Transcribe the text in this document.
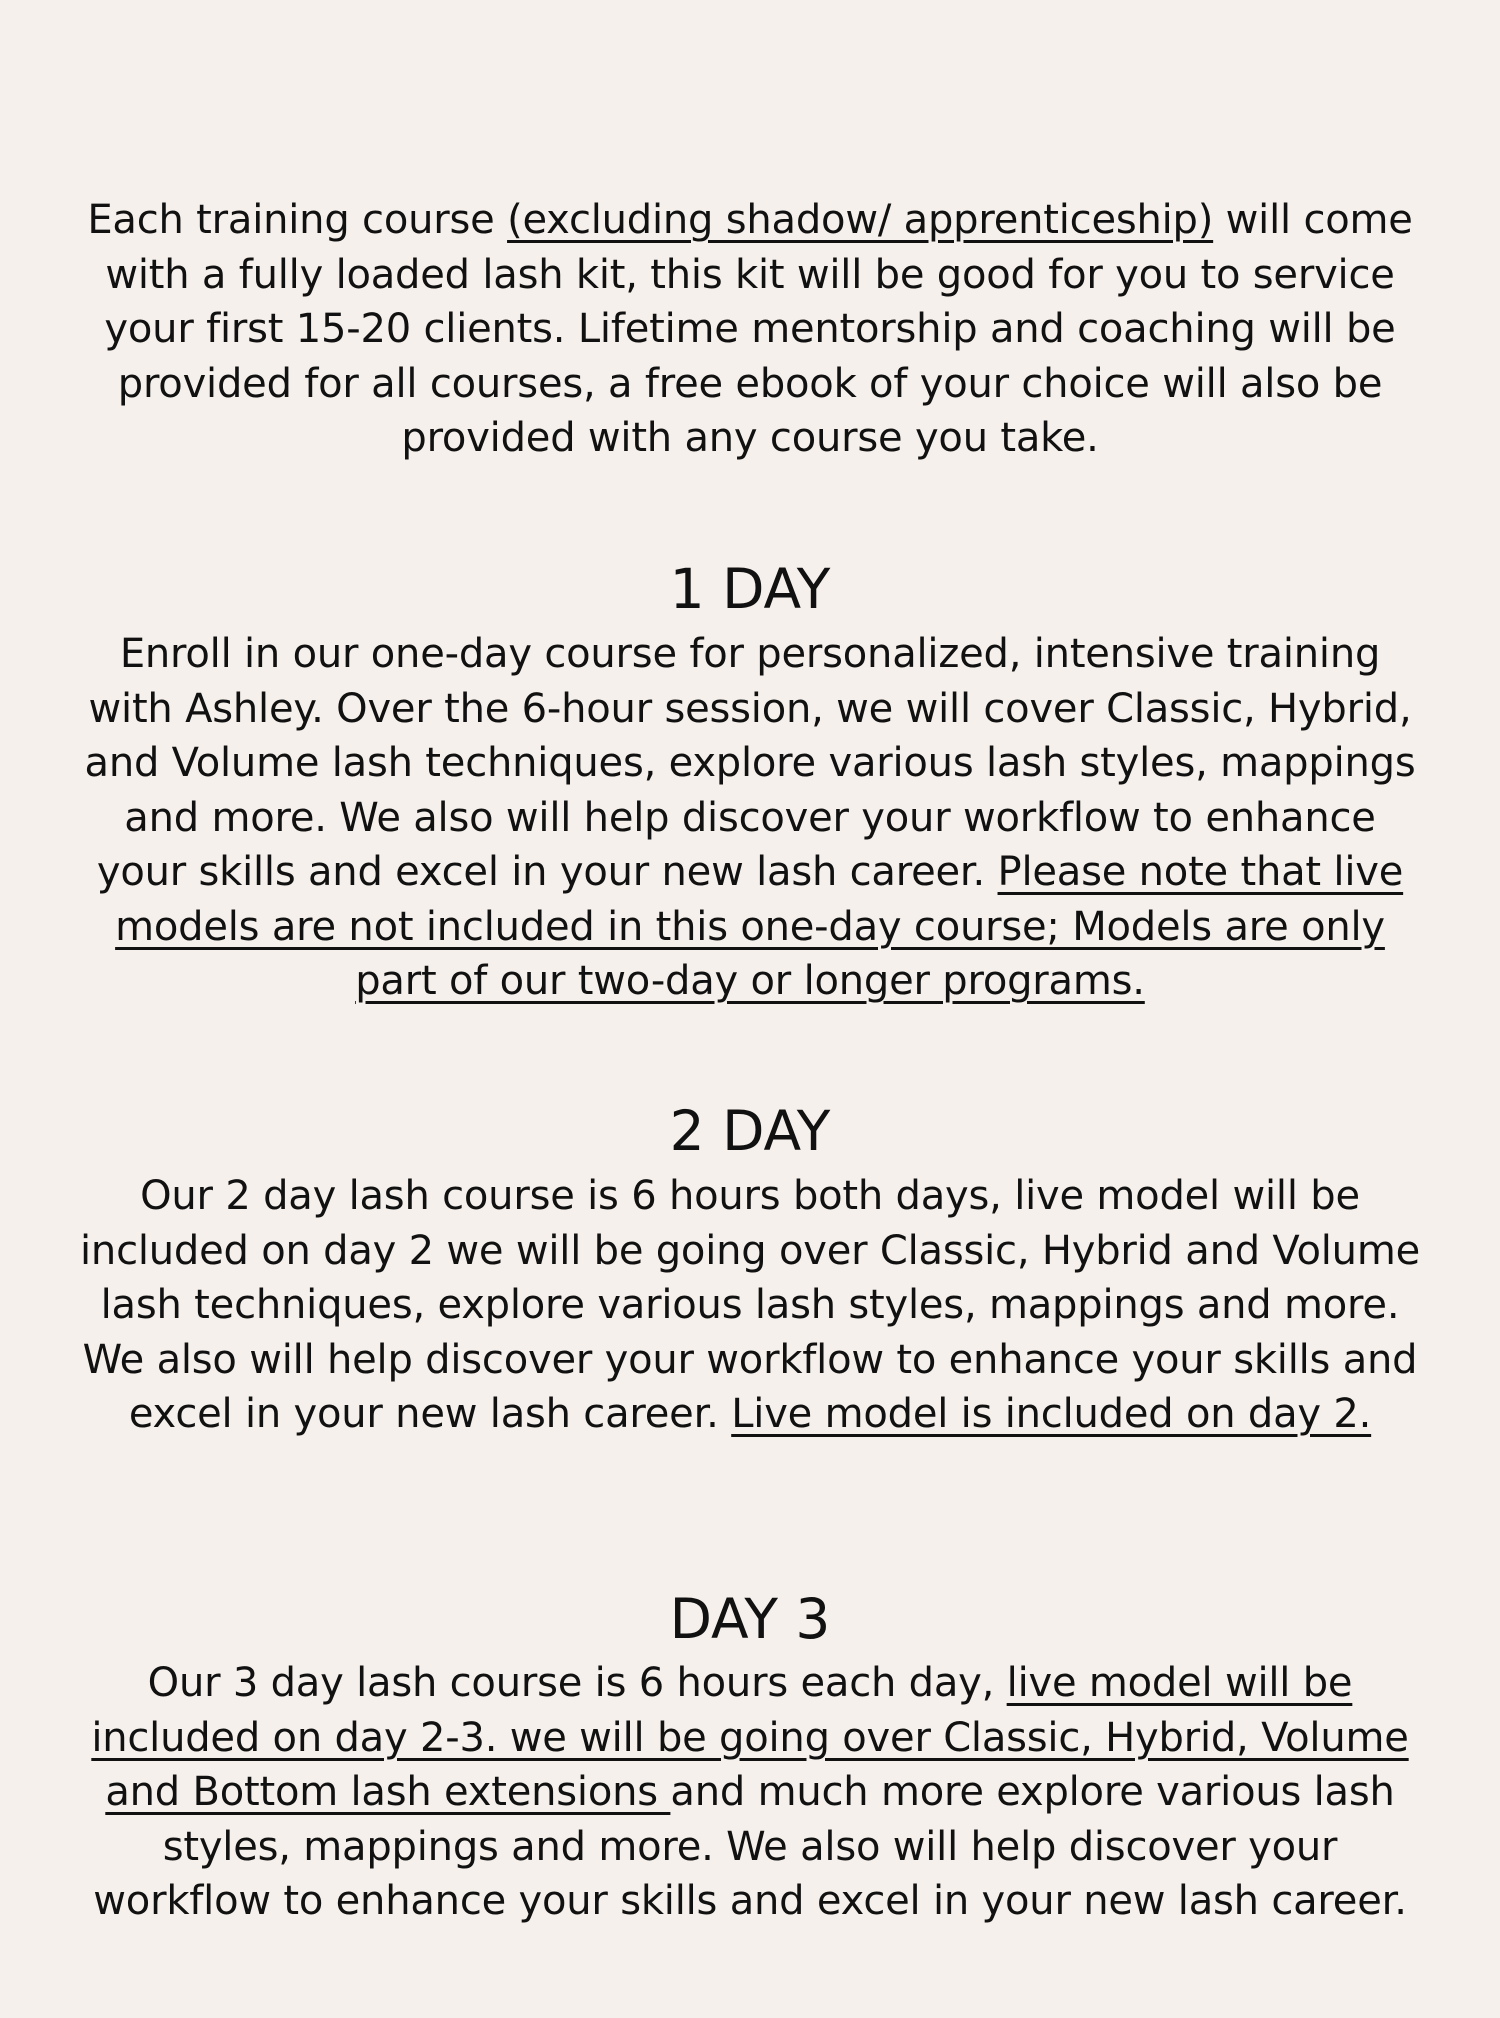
Each training course (excluding shadow/ apprenticeship) will come with a fully loaded lash kit, this kit will be good for you to service your first 15-20 clients. Lifetime mentorship and coaching will be provided for all courses, a free ebook of your choice will also be provided with any course you take.

1 DAY

Enroll in our one-day course for personalized, intensive training with Ashley. Over the 6-hour session, we will cover Classic, Hybrid, and Volume lash techniques, explore various lash styles, mappings and more. We also will help discover your workflow to enhance your skills and excel in your new lash career. Please note that live models are not included in this one-day course; Models are only part of our two-day or longer programs.

2 DAY

Our 2 day lash course is 6 hours both days, live model will be included on day 2 we will be going over Classic, Hybrid and Volume lash techniques, explore various lash styles, mappings and more. We also will help discover your workflow to enhance your skills and excel in your new lash career. Live model is included on day 2.

DAY 3

Our 3 day lash course is 6 hours each day, live model will be included on day 2-3. we will be going over Classic, Hybrid, Volume and Bottom lash extensions and much more explore various lash styles, mappings and more. We also will help discover your workflow to enhance your skills and excel in your new lash career.
